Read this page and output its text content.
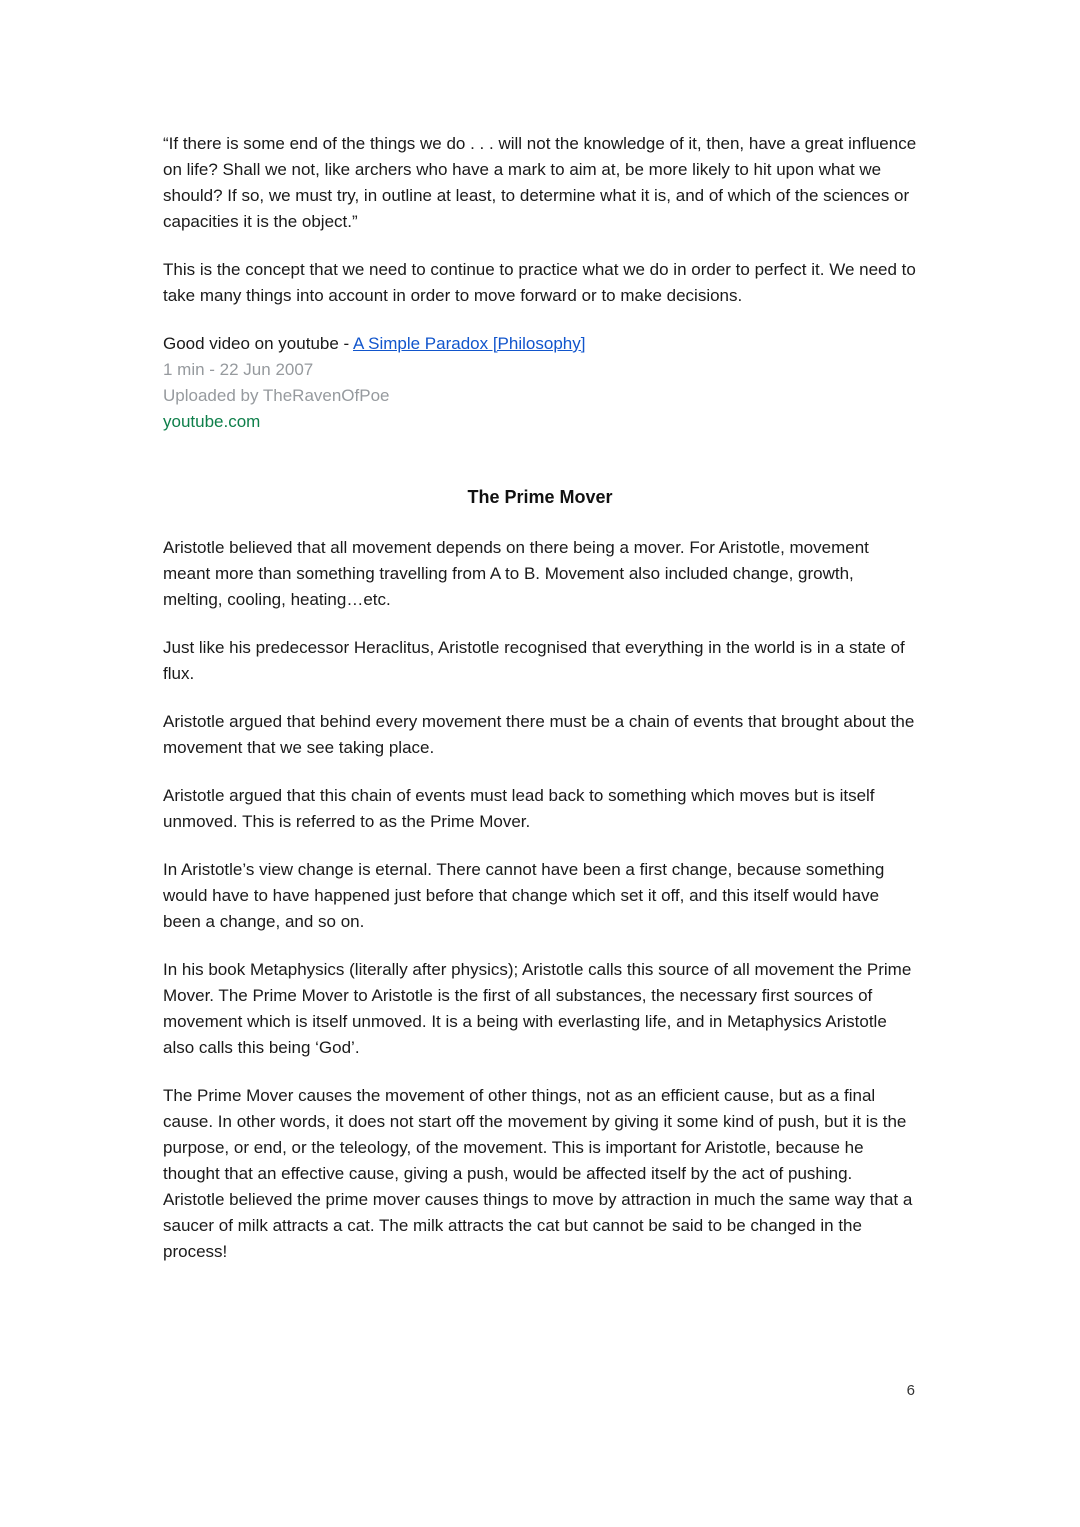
“If there is some end of the things we do . . . will not the knowledge of it, then, have a great influence on life? Shall we not, like archers who have a mark to aim at, be more likely to hit upon what we should? If so, we must try, in outline at least, to determine what it is, and of which of the sciences or capacities it is the object.”

This is the concept that we need to continue to practice what we do in order to perfect it. We need to take many things into account in order to move forward or to make decisions.

Good video on youtube - A Simple Paradox [Philosophy]

1 min - 22 Jun 2007

Uploaded by TheRavenOfPoe

youtube.com

The Prime Mover

Aristotle believed that all movement depends on there being a mover. For Aristotle, movement meant more than something travelling from A to B. Movement also included change, growth, melting, cooling, heating…etc.

Just like his predecessor Heraclitus, Aristotle recognised that everything in the world is in a state of flux.

Aristotle argued that behind every movement there must be a chain of events that brought about the movement that we see taking place.

Aristotle argued that this chain of events must lead back to something which moves but is itself unmoved. This is referred to as the Prime Mover.

In Aristotle’s view change is eternal. There cannot have been a first change, because something would have to have happened just before that change which set it off, and this itself would have been a change, and so on.

In his book Metaphysics (literally after physics); Aristotle calls this source of all movement the Prime Mover. The Prime Mover to Aristotle is the first of all substances, the necessary first sources of movement which is itself unmoved. It is a being with everlasting life, and in Metaphysics Aristotle also calls this being ‘God’.

The Prime Mover causes the movement of other things, not as an efficient cause, but as a final cause. In other words, it does not start off the movement by giving it some kind of push, but it is the purpose, or end, or the teleology, of the movement. This is important for Aristotle, because he thought that an effective cause, giving a push, would be affected itself by the act of pushing. Aristotle believed the prime mover causes things to move by attraction in much the same way that a saucer of milk attracts a cat. The milk attracts the cat but cannot be said to be changed in the process!

6
